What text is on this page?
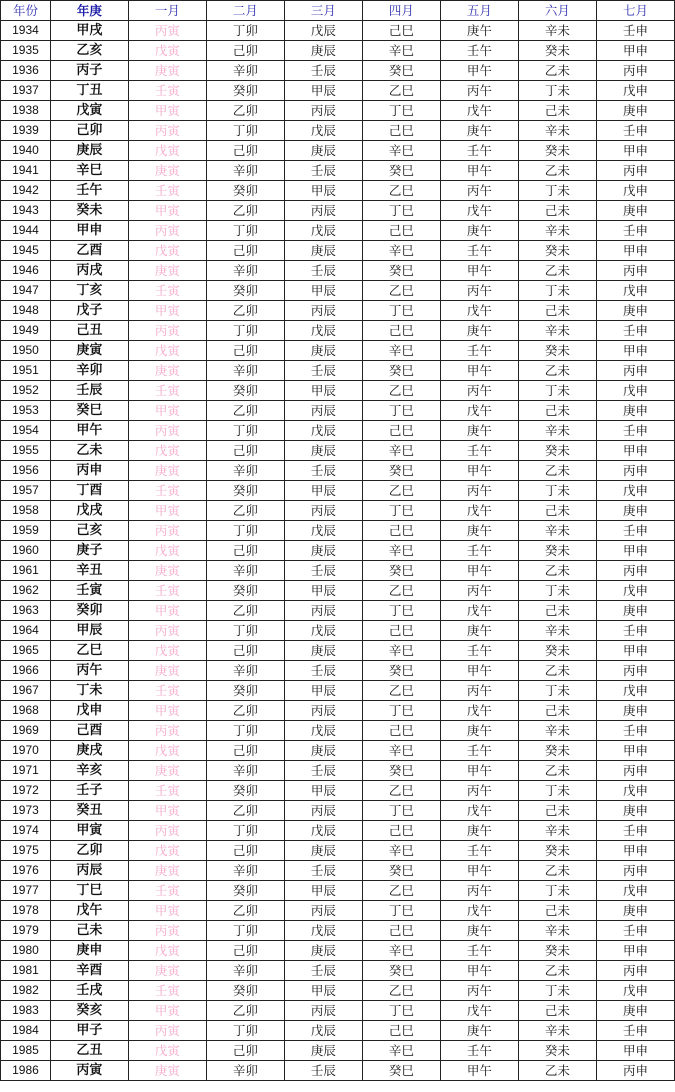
年份	年庚	一月	二月	三月	四月	五月	六月	七月
1934	甲戌	丙寅	丁卯	戊辰	己巳	庚午	辛未	壬申
1935	乙亥	戊寅	己卯	庚辰	辛巳	壬午	癸未	甲申
1936	丙子	庚寅	辛卯	壬辰	癸巳	甲午	乙未	丙申
1937	丁丑	壬寅	癸卯	甲辰	乙巳	丙午	丁未	戊申
1938	戊寅	甲寅	乙卯	丙辰	丁巳	戊午	己未	庚申
1939	己卯	丙寅	丁卯	戊辰	己巳	庚午	辛未	壬申
1940	庚辰	戊寅	己卯	庚辰	辛巳	壬午	癸未	甲申
1941	辛巳	庚寅	辛卯	壬辰	癸巳	甲午	乙未	丙申
1942	壬午	壬寅	癸卯	甲辰	乙巳	丙午	丁未	戊申
1943	癸未	甲寅	乙卯	丙辰	丁巳	戊午	己未	庚申
1944	甲申	丙寅	丁卯	戊辰	己巳	庚午	辛未	壬申
1945	乙酉	戊寅	己卯	庚辰	辛巳	壬午	癸未	甲申
1946	丙戌	庚寅	辛卯	壬辰	癸巳	甲午	乙未	丙申
1947	丁亥	壬寅	癸卯	甲辰	乙巳	丙午	丁未	戊申
1948	戊子	甲寅	乙卯	丙辰	丁巳	戊午	己未	庚申
1949	己丑	丙寅	丁卯	戊辰	己巳	庚午	辛未	壬申
1950	庚寅	戊寅	己卯	庚辰	辛巳	壬午	癸未	甲申
1951	辛卯	庚寅	辛卯	壬辰	癸巳	甲午	乙未	丙申
1952	壬辰	壬寅	癸卯	甲辰	乙巳	丙午	丁未	戊申
1953	癸巳	甲寅	乙卯	丙辰	丁巳	戊午	己未	庚申
1954	甲午	丙寅	丁卯	戊辰	己巳	庚午	辛未	壬申
1955	乙未	戊寅	己卯	庚辰	辛巳	壬午	癸未	甲申
1956	丙申	庚寅	辛卯	壬辰	癸巳	甲午	乙未	丙申
1957	丁酉	壬寅	癸卯	甲辰	乙巳	丙午	丁未	戊申
1958	戊戌	甲寅	乙卯	丙辰	丁巳	戊午	己未	庚申
1959	己亥	丙寅	丁卯	戊辰	己巳	庚午	辛未	壬申
1960	庚子	戊寅	己卯	庚辰	辛巳	壬午	癸未	甲申
1961	辛丑	庚寅	辛卯	壬辰	癸巳	甲午	乙未	丙申
1962	壬寅	壬寅	癸卯	甲辰	乙巳	丙午	丁未	戊申
1963	癸卯	甲寅	乙卯	丙辰	丁巳	戊午	己未	庚申
1964	甲辰	丙寅	丁卯	戊辰	己巳	庚午	辛未	壬申
1965	乙巳	戊寅	己卯	庚辰	辛巳	壬午	癸未	甲申
1966	丙午	庚寅	辛卯	壬辰	癸巳	甲午	乙未	丙申
1967	丁未	壬寅	癸卯	甲辰	乙巳	丙午	丁未	戊申
1968	戊申	甲寅	乙卯	丙辰	丁巳	戊午	己未	庚申
1969	己酉	丙寅	丁卯	戊辰	己巳	庚午	辛未	壬申
1970	庚戌	戊寅	己卯	庚辰	辛巳	壬午	癸未	甲申
1971	辛亥	庚寅	辛卯	壬辰	癸巳	甲午	乙未	丙申
1972	壬子	壬寅	癸卯	甲辰	乙巳	丙午	丁未	戊申
1973	癸丑	甲寅	乙卯	丙辰	丁巳	戊午	己未	庚申
1974	甲寅	丙寅	丁卯	戊辰	己巳	庚午	辛未	壬申
1975	乙卯	戊寅	己卯	庚辰	辛巳	壬午	癸未	甲申
1976	丙辰	庚寅	辛卯	壬辰	癸巳	甲午	乙未	丙申
1977	丁巳	壬寅	癸卯	甲辰	乙巳	丙午	丁未	戊申
1978	戊午	甲寅	乙卯	丙辰	丁巳	戊午	己未	庚申
1979	己未	丙寅	丁卯	戊辰	己巳	庚午	辛未	壬申
1980	庚申	戊寅	己卯	庚辰	辛巳	壬午	癸未	甲申
1981	辛酉	庚寅	辛卯	壬辰	癸巳	甲午	乙未	丙申
1982	壬戌	壬寅	癸卯	甲辰	乙巳	丙午	丁未	戊申
1983	癸亥	甲寅	乙卯	丙辰	丁巳	戊午	己未	庚申
1984	甲子	丙寅	丁卯	戊辰	己巳	庚午	辛未	壬申
1985	乙丑	戊寅	己卯	庚辰	辛巳	壬午	癸未	甲申
1986	丙寅	庚寅	辛卯	壬辰	癸巳	甲午	乙未	丙申
